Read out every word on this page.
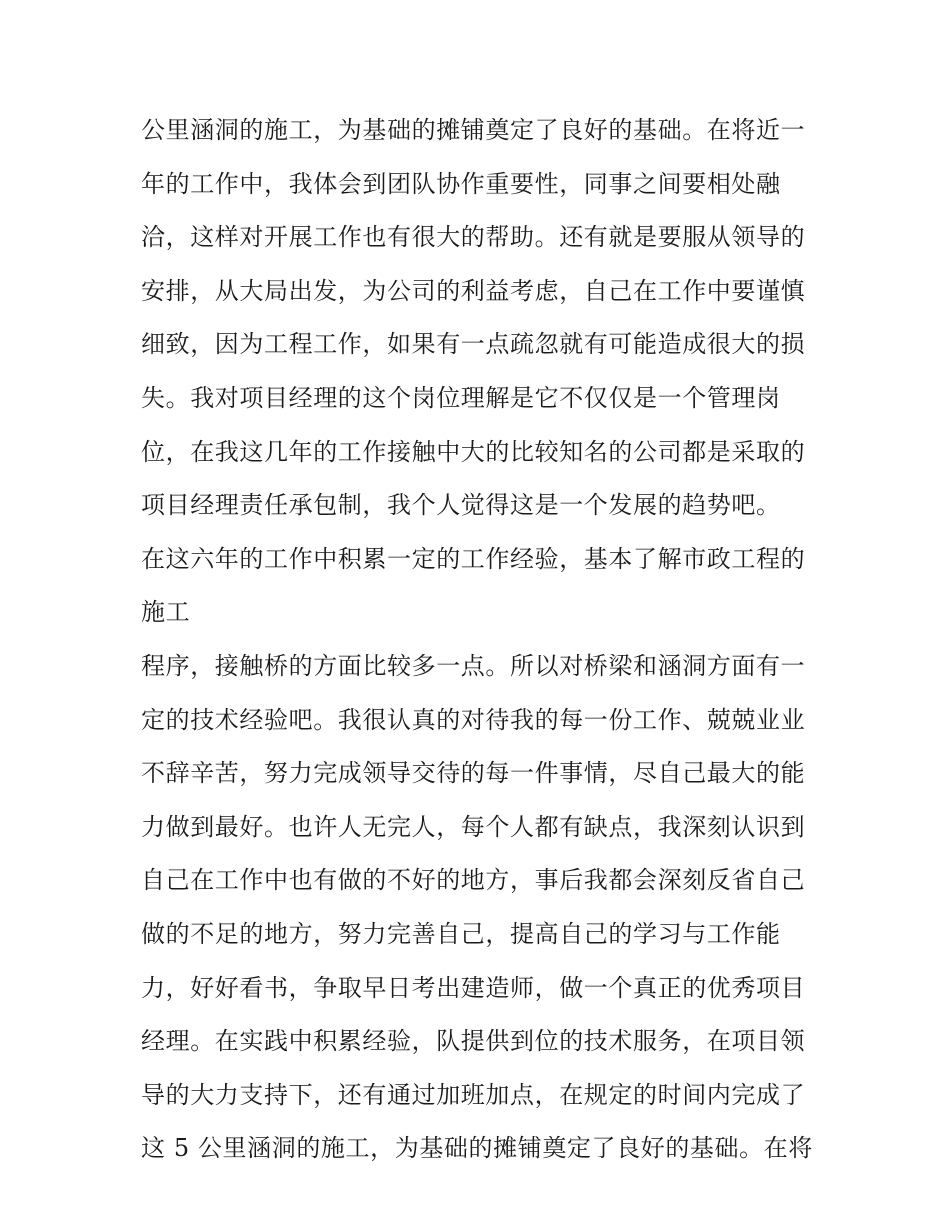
公里涵洞的施工，为基础的摊铺奠定了良好的基础。在将近一
年的工作中，我体会到团队协作重要性，同事之间要相处融
洽，这样对开展工作也有很大的帮助。还有就是要服从领导的
安排，从大局出发，为公司的利益考虑，自己在工作中要谨慎
细致，因为工程工作，如果有一点疏忽就有可能造成很大的损
失。我对项目经理的这个岗位理解是它不仅仅是一个管理岗
位，在我这几年的工作接触中大的比较知名的公司都是采取的
项目经理责任承包制，我个人觉得这是一个发展的趋势吧。
在这六年的工作中积累一定的工作经验，基本了解市政工程的
施工
程序，接触桥的方面比较多一点。所以对桥梁和涵洞方面有一
定的技术经验吧。我很认真的对待我的每一份工作、兢兢业业
不辞辛苦，努力完成领导交待的每一件事情，尽自己最大的能
力做到最好。也许人无完人，每个人都有缺点，我深刻认识到
自己在工作中也有做的不好的地方，事后我都会深刻反省自己
做的不足的地方，努力完善自己，提高自己的学习与工作能
力，好好看书，争取早日考出建造师，做一个真正的优秀项目
经理。在实践中积累经验，队提供到位的技术服务，在项目领
导的大力支持下，还有通过加班加点，在规定的时间内完成了
这 5 公里涵洞的施工，为基础的摊铺奠定了良好的基础。在将
